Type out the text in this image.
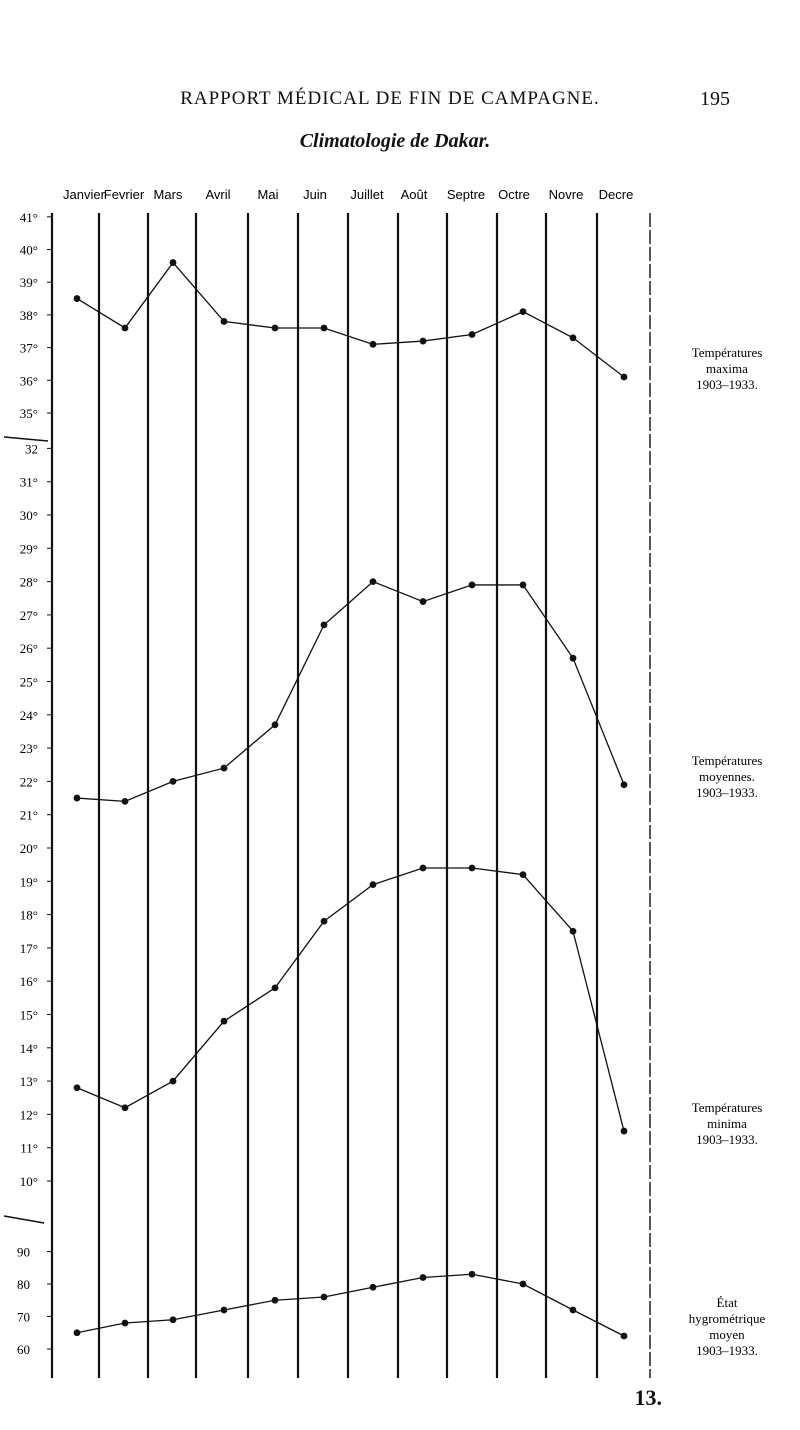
RAPPORT MÉDICAL DE FIN DE CAMPAGNE.	195
Climatologie de Dakar.
Janvier
Fevrier Mars Avril Mai Juin Juillet Août Septre Octre Novre Decre
35°
36°
37°
38°
39°
40°
41°
Températures
maxima
1903–1933.
10°
11°
12°
13°
14°
15°
16°
17°
18°
19°
20°
21°
22°
23°
24°
25°
26°
27°
28°
29°
30°
31°
32
Températures
moyennes.
1903–1933.
Températures
minima
1903–1933.
60
70
80
90
État
hygrométrique
moyen
1903–1933.
13.
